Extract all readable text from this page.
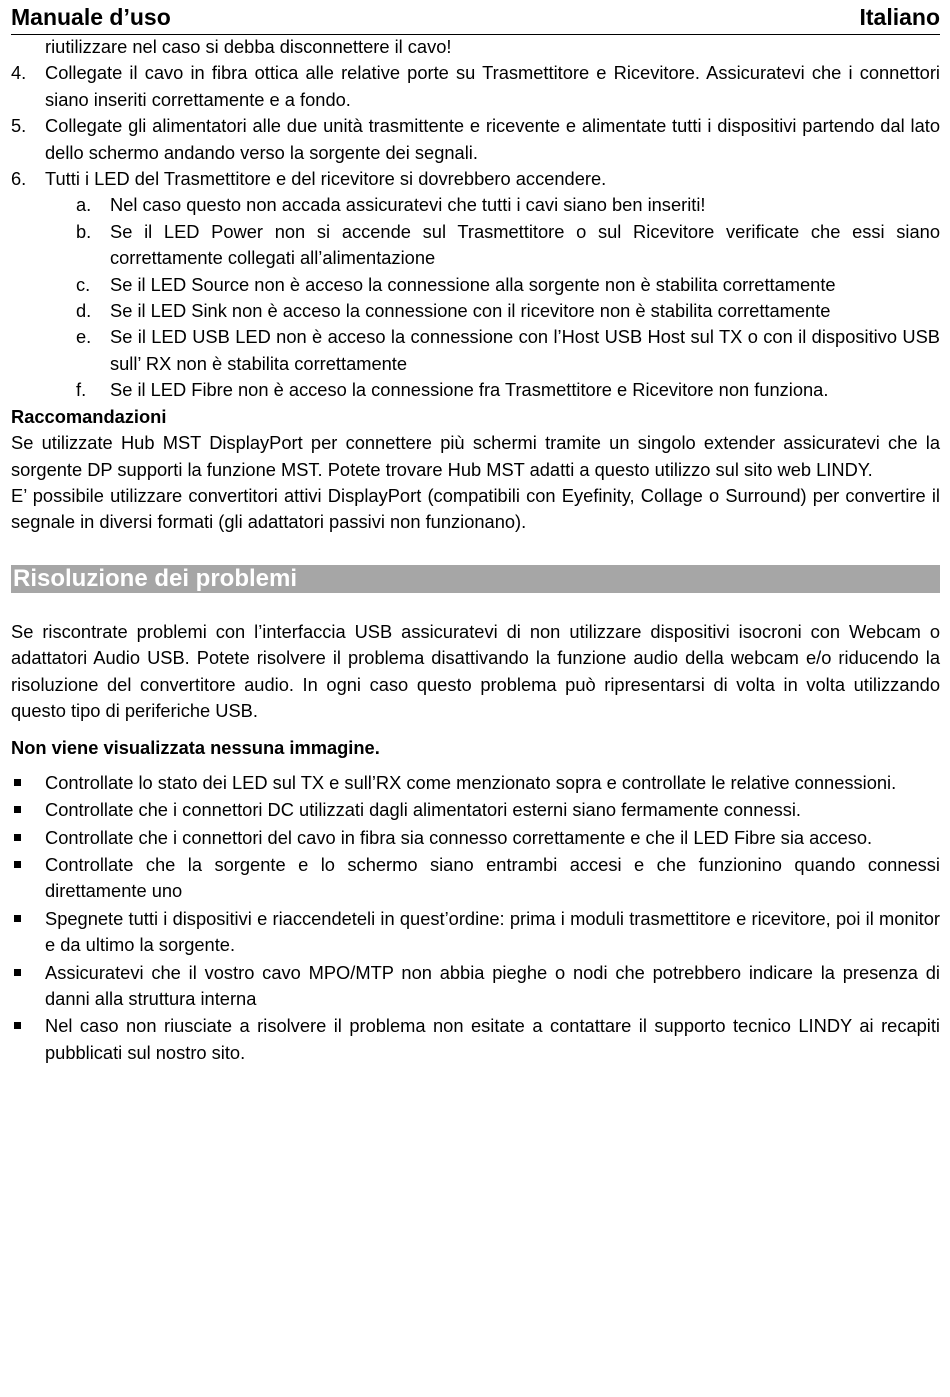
Manuale d’uso	Italiano
riutilizzare nel caso si debba disconnettere il cavo!
4. Collegate il cavo in fibra ottica alle relative porte su Trasmettitore e Ricevitore. Assicuratevi che i connettori siano inseriti correttamente e a fondo.
5. Collegate gli alimentatori alle due unità trasmittente e ricevente e alimentate tutti i dispositivi partendo dal lato dello schermo andando verso la sorgente dei segnali.
6. Tutti i LED del Trasmettitore e del ricevitore si dovrebbero accendere.
a. Nel caso questo non accada assicuratevi che tutti i cavi siano ben inseriti!
b. Se il LED Power non si accende sul Trasmettitore o sul Ricevitore verificate che essi siano correttamente collegati all’alimentazione
c. Se il LED Source non è acceso la connessione alla sorgente non è stabilita correttamente
d. Se il LED Sink non è acceso la connessione con il ricevitore non è stabilita correttamente
e. Se il LED USB LED non è acceso la connessione con l’Host USB Host sul TX o con il dispositivo USB sull’ RX non è stabilita correttamente
f. Se il LED Fibre non è acceso la connessione fra Trasmettitore e Ricevitore non funziona.
Raccomandazioni
Se utilizzate Hub MST DisplayPort per connettere più schermi tramite un singolo extender assicuratevi che la sorgente DP supporti la funzione MST. Potete trovare Hub MST adatti a questo utilizzo sul sito web LINDY.
E’ possibile utilizzare convertitori attivi DisplayPort (compatibili con Eyefinity, Collage o Surround) per convertire il segnale in diversi formati (gli adattatori passivi non funzionano).
Risoluzione dei problemi
Se riscontrate problemi con l’interfaccia USB assicuratevi di non utilizzare dispositivi isocroni con Webcam o adattatori Audio USB. Potete risolvere il problema disattivando la funzione audio della webcam e/o riducendo la risoluzione del convertitore audio. In ogni caso questo problema può ripresentarsi di volta in volta utilizzando questo tipo di periferiche USB.
Non viene visualizzata nessuna immagine.
Controllate lo stato dei LED sul TX e sull’RX come menzionato sopra e controllate le relative connessioni.
Controllate che i connettori DC utilizzati dagli alimentatori esterni siano fermamente connessi.
Controllate che i connettori del cavo in fibra sia connesso correttamente e che il LED Fibre sia acceso.
Controllate che la sorgente e lo schermo siano entrambi accesi e che funzionino quando connessi direttamente uno
Spegnete tutti i dispositivi e riaccendeteli in quest’ordine: prima i moduli trasmettitore e ricevitore, poi il monitor e da ultimo la sorgente.
Assicuratevi che il vostro cavo MPO/MTP non abbia pieghe o nodi che potrebbero indicare la presenza di danni alla struttura interna
Nel caso non riusciate a risolvere il problema non esitate a contattare il supporto tecnico LINDY ai recapiti pubblicati sul nostro sito.
